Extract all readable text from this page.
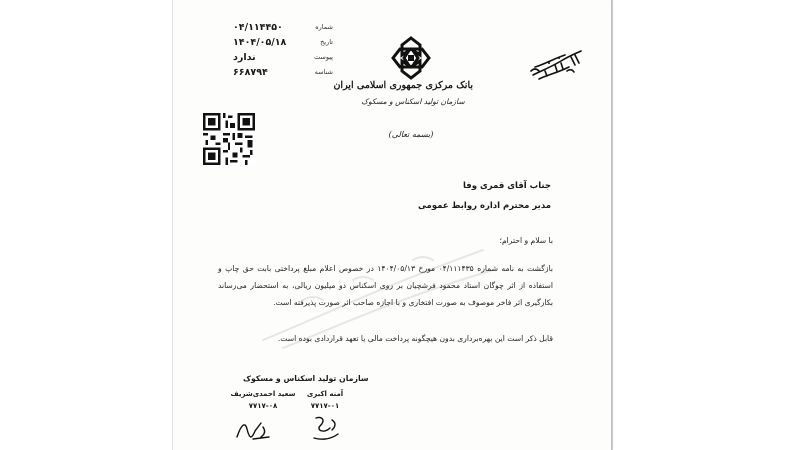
شماره
۰۴/۱۱۴۴۵۰
تاریخ
۱۴۰۴/۰۵/۱۸
پیوست
ندارد
شناسه
۶۶۸۷۹۴
بانک مرکزی جمهوری اسلامی ایران
سازمان تولید اسکناس و مسکوک
(بسمه تعالی)
جناب آقای قمری وفا
مدیر محترم اداره روابط عمومی
با سلام و احترام؛
بازگشت به نامه شماره ۰۴/۱۱۱۴۳۵ مورخ ۱۴۰۴/۰۵/۱۳ در خصوص اعلام مبلغ پرداختی بابت حق چاپ و استفاده از اثر چوگان استاد محمود فرشچیان بر روی اسکناس دو میلیون ریالی، به استحضار می‌رساند بکارگیری اثر فاخر موصوف به صورت افتخاری و با اجازه صاحب اثر صورت پذیرفته است.
قابل ذکر است این بهره‌برداری بدون هیچگونه پرداخت مالی یا تعهد قراردادی بوده است.
سازمان تولید اسکناس و مسکوک
سعید احمدی‌شریف
۷۷۱۷-۰۸
آمنه اکبری
۷۷۱۷-۰۱
